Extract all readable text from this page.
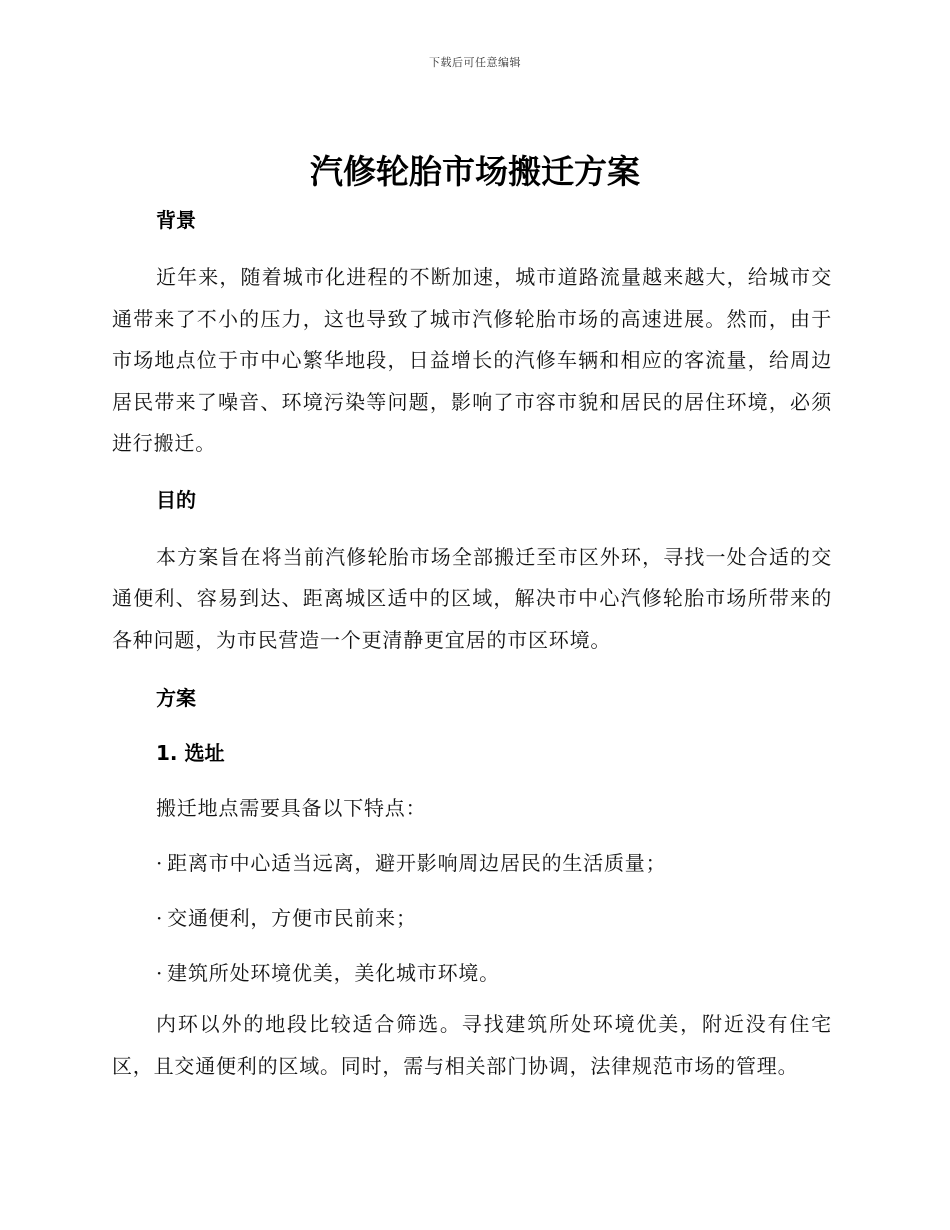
下载后可任意编辑
汽修轮胎市场搬迁方案
背景

近年来，随着城市化进程的不断加速，城市道路流量越来越大，给城市交通带来了不小的压力，这也导致了城市汽修轮胎市场的高速进展。然而，由于市场地点位于市中心繁华地段，日益增长的汽修车辆和相应的客流量，给周边居民带来了噪音、环境污染等问题，影响了市容市貌和居民的居住环境，必须进行搬迁。

目的

本方案旨在将当前汽修轮胎市场全部搬迁至市区外环，寻找一处合适的交通便利、容易到达、距离城区适中的区域，解决市中心汽修轮胎市场所带来的各种问题，为市民营造一个更清静更宜居的市区环境。

方案
1. 选址

搬迁地点需要具备以下特点：

· 距离市中心适当远离，避开影响周边居民的生活质量；

· 交通便利，方便市民前来；

· 建筑所处环境优美，美化城市环境。

内环以外的地段比较适合筛选。寻找建筑所处环境优美，附近没有住宅区，且交通便利的区域。同时，需与相关部门协调，法律规范市场的管理。
